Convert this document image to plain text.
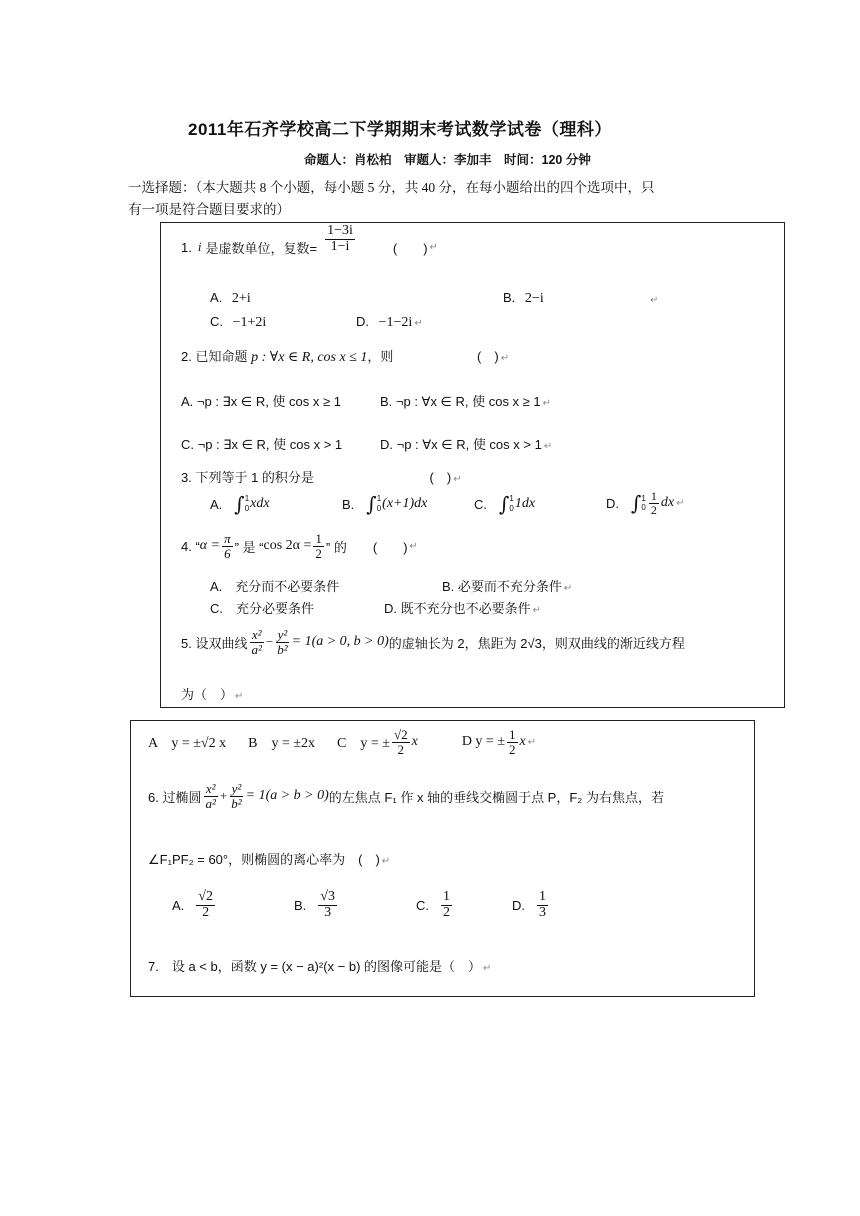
2011年石齐学校高二下学期期末考试数学试卷（理科）
命题人：肖松柏　审题人：李加丰　时间：120 分钟
一选择题：（本大题共 8 个小题，每小题 5 分，共 40 分，在每小题给出的四个选项中，只
有一项是符合题目要求的）
1. i 是虚数单位，复数= $\frac{1-3i}{1-i}$	(　　) ↵
A. 2+i	B. 2−i	↵
C. −1+2i	D. −1−2i ↵
2. 已知命题 p : ∀x ∈ R, cos x ≤ 1，则	(　) ↵
A. ¬p : ∃x ∈ R, 使 cos x ≥ 1	B. ¬p : ∀x ∈ R, 使 cos x ≥ 1 ↵
C. ¬p : ∃x ∈ R, 使 cos x > 1	D. ¬p : ∀x ∈ R, 使 cos x > 1 ↵
3. 下列等于 1 的积分是	(　) ↵
A. ∫ 1
0 xdx	B. ∫ 1
0 (x+1)dx	C. ∫ 1
0 1dx	D. ∫ 1
$0 \frac{1}{2}$ dx ↵
4. “ $\alpha = \frac{\pi}{6}$ ” 是 “ $\cos 2\alpha = \frac{1}{2}$ ” 的 (　　) ↵
A.　充分而不必要条件	B. 必要而不充分条件 ↵
C.　充分必要条件	D. 既不充分也不必要条件 ↵
5. 设双曲线 $\frac{\text{x²}}{\text{a²}} - \frac{\text{y²}}{\text{b²}} = 1(a > 0$, b > 0) 的虚轴长为 2，焦距为 2√3，则双曲线的渐近线方程
为（　） ↵
A　y = ±√2 x B　y = ±2x C　y = ± $\frac{√2}{2}$ x	D y = ± $\frac{1}{2}$ x ↵
6. 过椭圆 $\frac{\text{x²}}{\text{a²}} + \frac{\text{y²}}{\text{b²}} = 1(a > b > 0)$ 的左焦点 F₁ 作 x 轴的垂线交椭圆于点 P，F₂ 为右焦点，若
∠F₁PF₂ = 60°，则椭圆的离心率为　(　) ↵
A. $\frac{√2}{2}$	B. $\frac{√3}{3}$	C. $\frac{1}{2}$	D. $\frac{1}{3}$
7.　设 a < b，函数 y = (x − a)²(x − b) 的图像可能是（　） ↵
